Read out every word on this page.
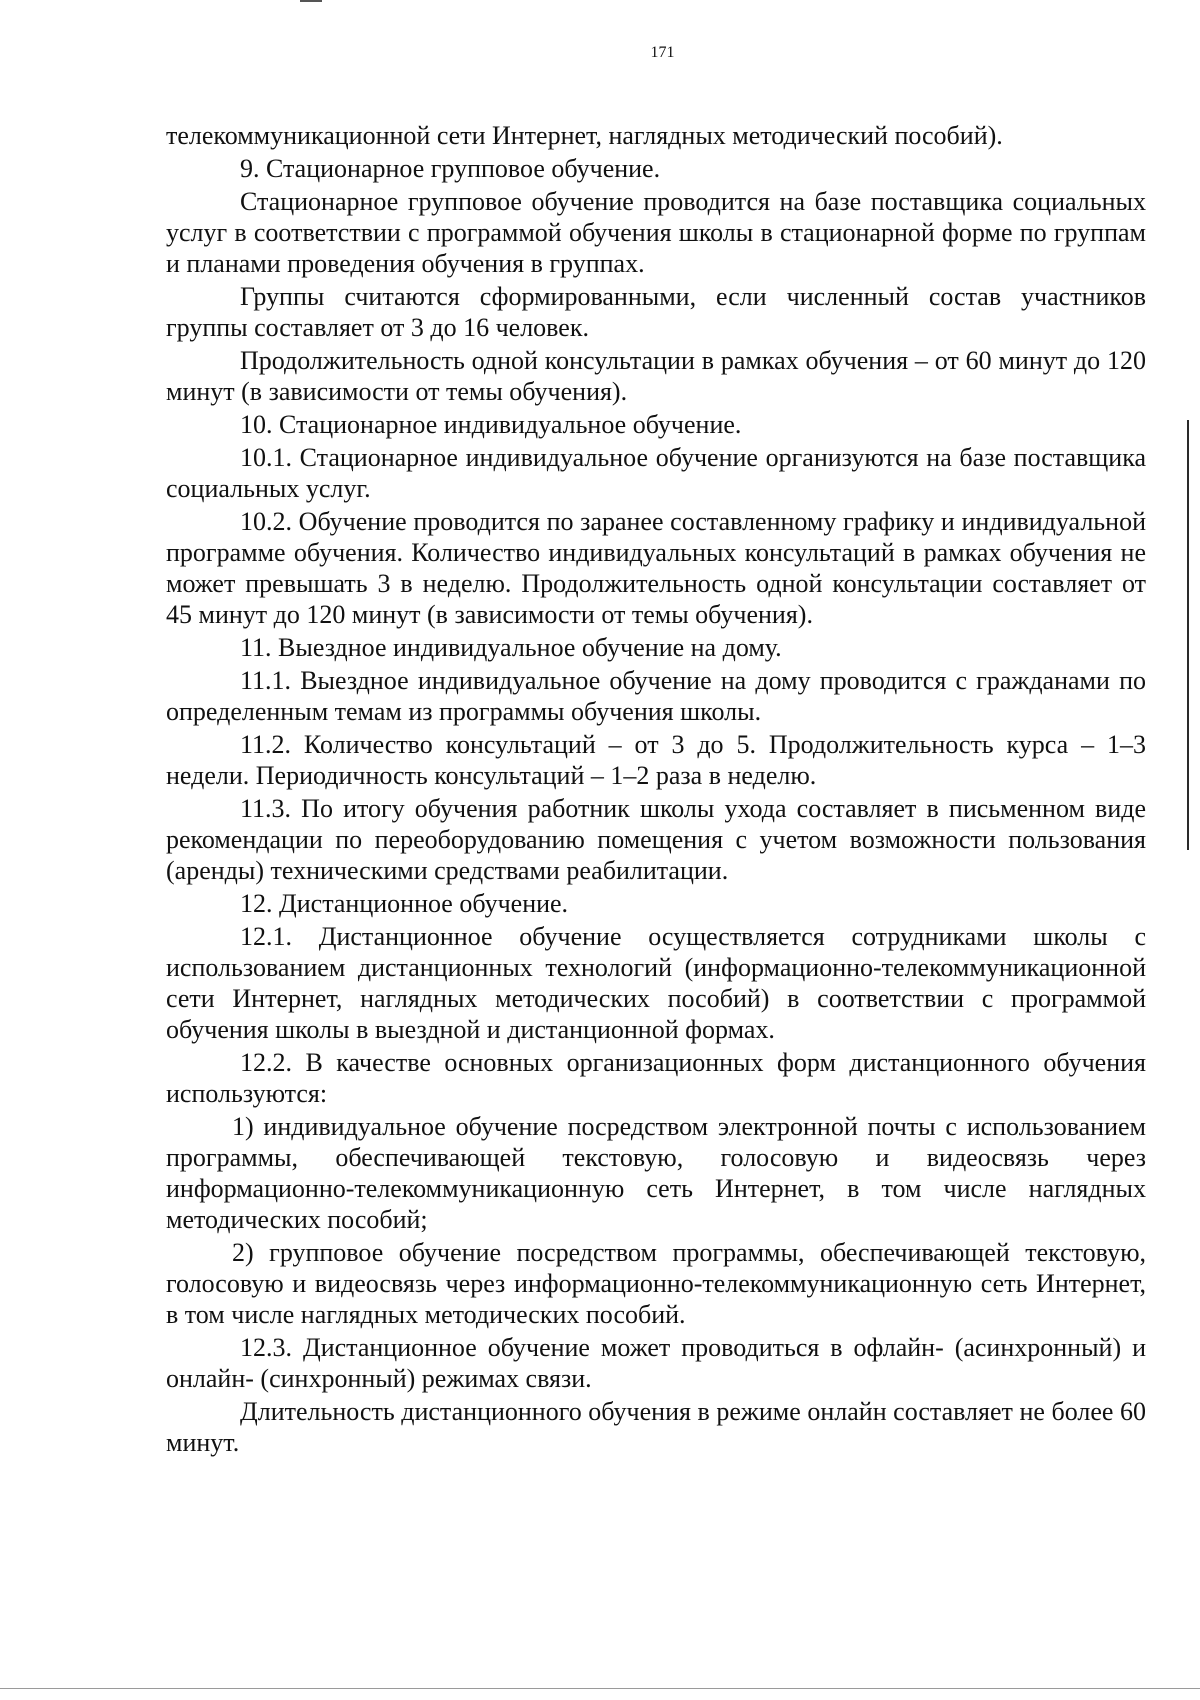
171

телекоммуникационной сети Интернет, наглядных методический пособий).

9. Стационарное групповое обучение.

Стационарное групповое обучение проводится на базе поставщика социальных услуг в соответствии с программой обучения школы в стационарной форме по группам и планами проведения обучения в группах.

Группы считаются сформированными, если численный состав участников группы составляет от 3 до 16 человек.

Продолжительность одной консультации в рамках обучения – от 60 минут до 120 минут (в зависимости от темы обучения).

10. Стационарное индивидуальное обучение.

10.1. Стационарное индивидуальное обучение организуются на базе поставщика социальных услуг.

10.2. Обучение проводится по заранее составленному графику и индивидуальной программе обучения. Количество индивидуальных консультаций в рамках обучения не может превышать 3 в неделю. Продолжительность одной консультации составляет от 45 минут до 120 минут (в зависимости от темы обучения).

11. Выездное индивидуальное обучение на дому.

11.1. Выездное индивидуальное обучение на дому проводится с гражданами по определенным темам из программы обучения школы.

11.2. Количество консультаций – от 3 до 5. Продолжительность курса – 1–3 недели. Периодичность консультаций – 1–2 раза в неделю.

11.3. По итогу обучения работник школы ухода составляет в письменном виде рекомендации по переоборудованию помещения с учетом возможности пользования (аренды) техническими средствами реабилитации.

12. Дистанционное обучение.

12.1. Дистанционное обучение осуществляется сотрудниками школы с использованием дистанционных технологий (информационно-телекоммуникационной сети Интернет, наглядных методических пособий) в соответствии с программой обучения школы в выездной и дистанционной формах.

12.2. В качестве основных организационных форм дистанционного обучения используются:

1) индивидуальное обучение посредством электронной почты с использованием программы, обеспечивающей текстовую, голосовую и видеосвязь через информационно-телекоммуникационную сеть Интернет, в том числе наглядных методических пособий;

2) групповое обучение посредством программы, обеспечивающей текстовую, голосовую и видеосвязь через информационно-телекоммуникационную сеть Интернет, в том числе наглядных методических пособий.

12.3. Дистанционное обучение может проводиться в офлайн- (асинхронный) и онлайн- (синхронный) режимах связи.

Длительность дистанционного обучения в режиме онлайн составляет не более 60 минут.
